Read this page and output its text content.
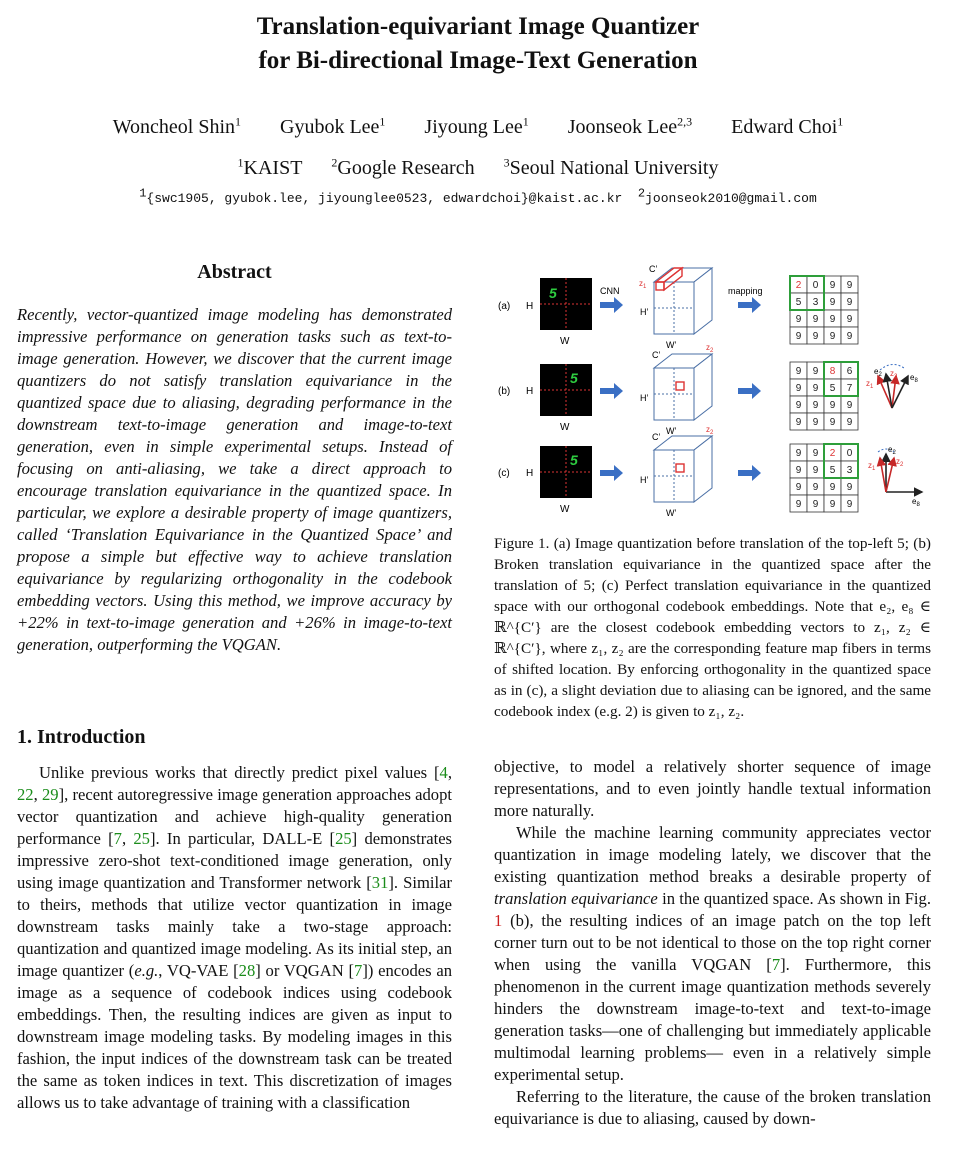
Translation-equivariant Image Quantizer
for Bi-directional Image-Text Generation
Woncheol Shin$^1$ Gyubok Lee$^1$ Jiyoung Lee$^1$ Joonseok Lee$^{2,3}$ Edward Choi$^1$
$^1$KAIST $^2$Google Research $^3$Seoul National University
$^1${swc1905, gyubok.lee, jiyounglee0523, edwardchoi}@kaist.ac.kr $^2$joonseok2010@gmail.com
Abstract
Recently, vector-quantized image modeling has demonstrated impressive performance on generation tasks such as text-to-image generation. However, we discover that the current image quantizers do not satisfy translation equivariance in the quantized space due to aliasing, degrading performance in the downstream text-to-image generation and image-to-text generation, even in simple experimental setups. Instead of focusing on anti-aliasing, we take a direct approach to encourage translation equivariance in the quantized space. In particular, we explore a desirable property of image quantizers, called ‘Translation Equivariance in the Quantized Space’ and propose a simple but effective way to achieve translation equivariance by regularizing orthogonality in the codebook embedding vectors. Using this method, we improve accuracy by +22% in text-to-image generation and +26% in image-to-text generation, outperforming the VQGAN.
(a) H
5
W
CNN
C’
$z_1$
H’
W’
mapping	2 0 9 9
5 3 9 9
9 9 9 9
9 9 9 9
(b) H
5
W
C’
$z_2$
H’
W’
9 9 8 6
9 9 5 7
9 9 9 9
9 9 9 9
$z_1$
$z_2$
$e_2$	$e_8$
(c) H
5
W
C’
$z_2$
H’
W’
9 9 2 0
9 9 5 3
9 9 9 9
9 9 9 9
$z_1$
$z_2$
$e_2$
$e_8$
Figure 1. (a) Image quantization before translation of the top-left 5; (b) Broken translation equivariance in the quantized space after the translation of 5; (c) Perfect translation equivariance in the quantized space with our orthogonal codebook embeddings. Note that e₂, e₈ ∈ ℝ^{C′} are the closest codebook embedding vectors to z₁, z₂ ∈ ℝ^{C′}, where z₁, z₂ are the corresponding feature map fibers in terms of shifted location. By enforcing orthogonality in the quantized space as in (c), a slight deviation due to aliasing can be ignored, and the same codebook index (e.g. 2) is given to z₁, z₂.
1. Introduction

Unlike previous works that directly predict pixel values [4, 22, 29], recent autoregressive image generation approaches adopt vector quantization and achieve high-quality generation performance [7, 25]. In particular, DALL-E [25] demonstrates impressive zero-shot text-conditioned image generation, only using image quantization and Transformer network [31]. Similar to theirs, methods that utilize vector quantization in image downstream tasks mainly take a two-stage approach: quantization and quantized image modeling. As its initial step, an image quantizer (e.g., VQ-VAE [28] or VQGAN [7]) encodes an image as a sequence of codebook indices using codebook embeddings. Then, the resulting indices are given as input to downstream image modeling tasks. By modeling images in this fashion, the input indices of the downstream task can be treated the same as token indices in text. This discretization of images allows us to take advantage of training with a classification

objective, to model a relatively shorter sequence of image representations, and to even jointly handle textual information more naturally.

While the machine learning community appreciates vector quantization in image modeling lately, we discover that the existing quantization method breaks a desirable property of translation equivariance in the quantized space. As shown in Fig. 1 (b), the resulting indices of an image patch on the top left corner turn out to be not identical to those on the top right corner when using the vanilla VQGAN [7]. Furthermore, this phenomenon in the current image quantization methods severely hinders the downstream image-to-text and text-to-image generation tasks—one of challenging but immediately applicable multimodal learning problems— even in a relatively simple experimental setup.

Referring to the literature, the cause of the broken translation equivariance is due to aliasing, caused by down-
